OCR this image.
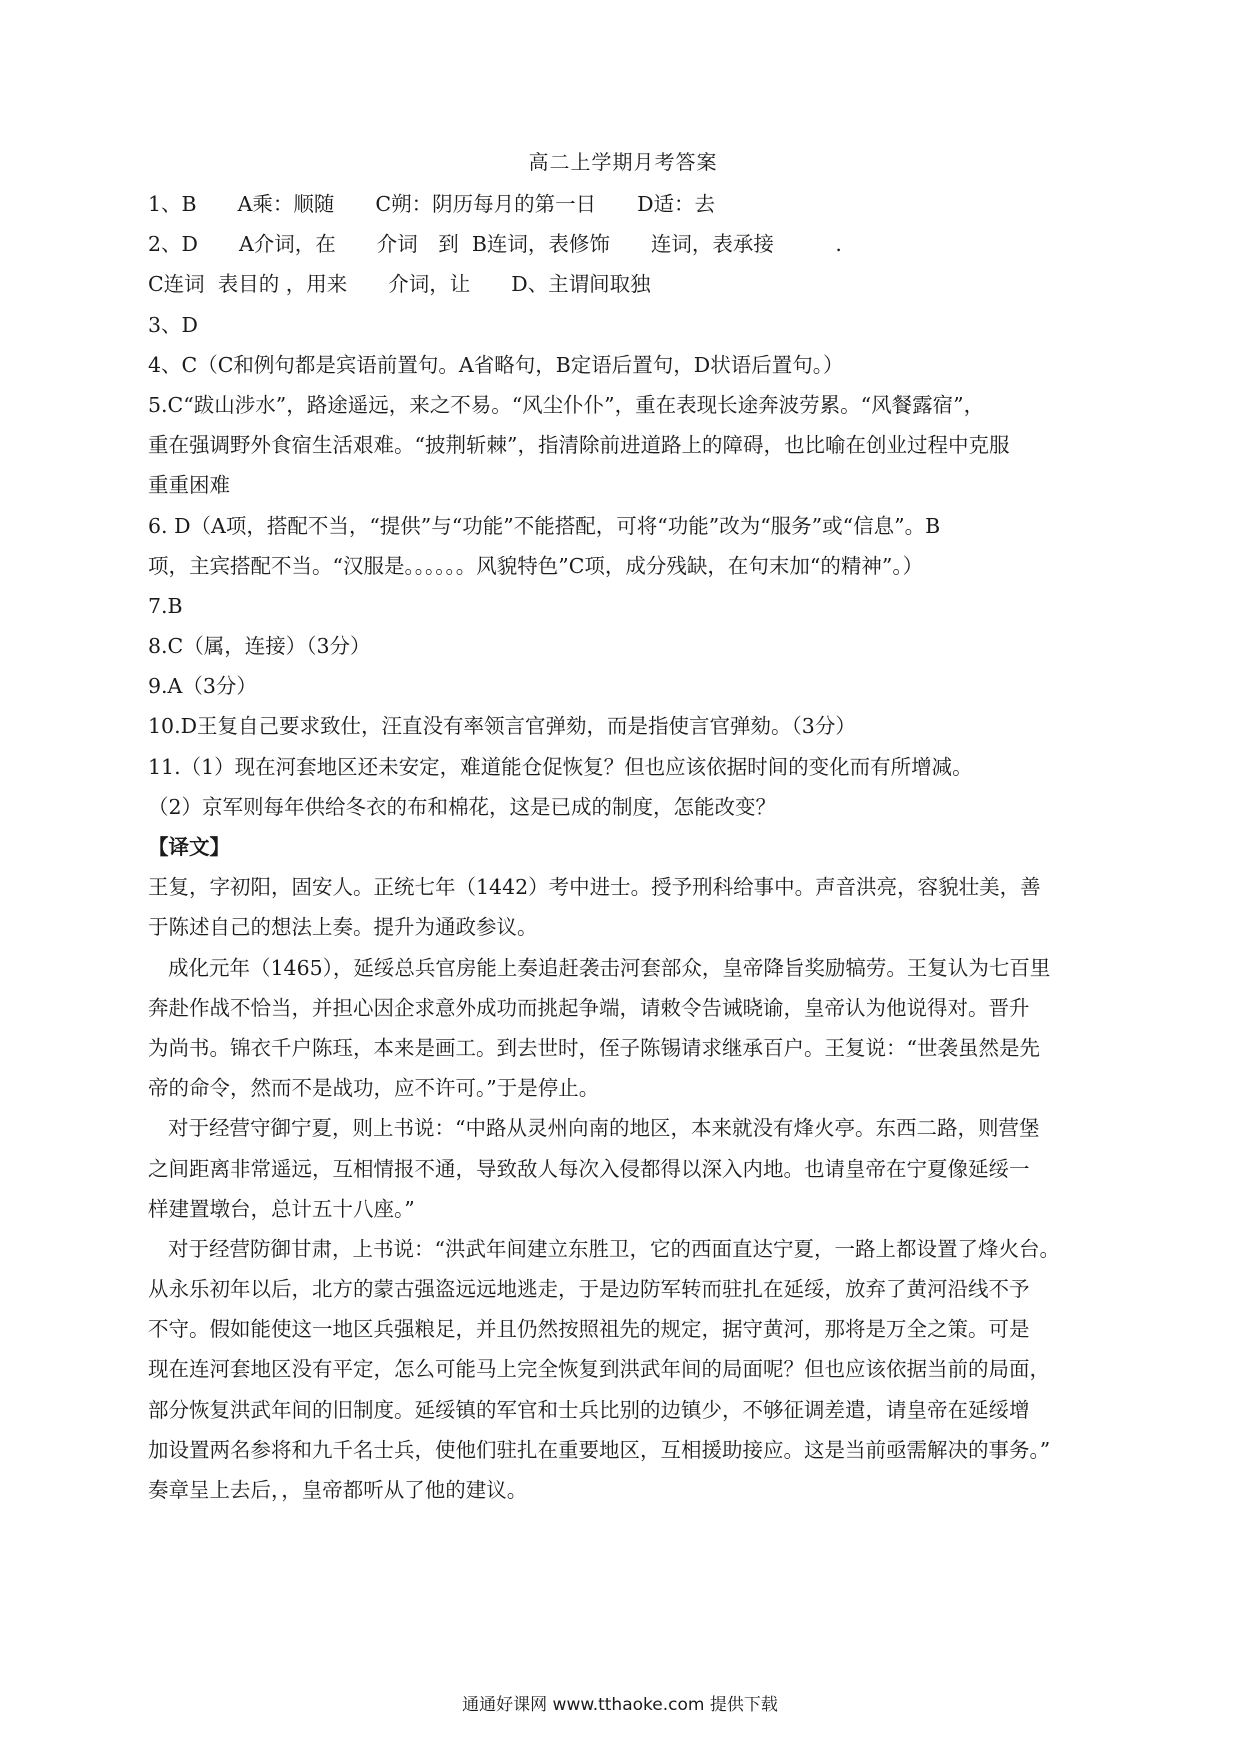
高二上学期月考答案
1、B　　A乘：顺随　　C朔：阴历每月的第一日　　D适：去
2、D　　A介词，在　　介词　到  B连词，表修饰　　连词，表承接　　　.
C连词  表目的 ，用来　　介词，让　　D、主谓间取独
3、D
4、C（C和例句都是宾语前置句。A省略句，B定语后置句，D状语后置句。）
5.C“跋山涉水”，路途遥远，来之不易。“风尘仆仆”，重在表现长途奔波劳累。“风餐露宿”，
重在强调野外食宿生活艰难。“披荆斩棘”，指清除前进道路上的障碍，也比喻在创业过程中克服
重重困难
6. D（A项，搭配不当，“提供”与“功能”不能搭配，可将“功能”改为“服务”或“信息”。B
项，主宾搭配不当。“汉服是。。。。。。风貌特色”C项，成分残缺，在句末加“的精神”。）
7.B
8.C（属，连接）（3分）
9.A（3分）
10.D王复自己要求致仕，汪直没有率领言官弹劾，而是指使言官弹劾。（3分）
11.（1）现在河套地区还未安定，难道能仓促恢复？但也应该依据时间的变化而有所增减。
（2）京军则每年供给冬衣的布和棉花，这是已成的制度，怎能改变？
【译文】
王复，字初阳，固安人。正统七年（1442）考中进士。授予刑科给事中。声音洪亮，容貌壮美，善
于陈述自己的想法上奏。提升为通政参议。
成化元年（1465），延绥总兵官房能上奏追赶袭击河套部众，皇帝降旨奖励犒劳。王复认为七百里
奔赴作战不恰当，并担心因企求意外成功而挑起争端，请敕令告诫晓谕，皇帝认为他说得对。晋升
为尚书。锦衣千户陈珏，本来是画工。到去世时，侄子陈锡请求继承百户。王复说：“世袭虽然是先
帝的命令，然而不是战功，应不许可。”于是停止。
对于经营守御宁夏，则上书说：“中路从灵州向南的地区，本来就没有烽火亭。东西二路，则营堡
之间距离非常遥远，互相情报不通，导致敌人每次入侵都得以深入内地。也请皇帝在宁夏像延绥一
样建置墩台，总计五十八座。”
对于经营防御甘肃，上书说：“洪武年间建立东胜卫，它的西面直达宁夏，一路上都设置了烽火台。
从永乐初年以后，北方的蒙古强盗远远地逃走，于是边防军转而驻扎在延绥，放弃了黄河沿线不予
不守。假如能使这一地区兵强粮足，并且仍然按照祖先的规定，据守黄河，那将是万全之策。可是
现在连河套地区没有平定，怎么可能马上完全恢复到洪武年间的局面呢？但也应该依据当前的局面，
部分恢复洪武年间的旧制度。延绥镇的军官和士兵比别的边镇少，不够征调差遣，请皇帝在延绥增
加设置两名参将和九千名士兵，使他们驻扎在重要地区，互相援助接应。这是当前亟需解决的事务。”
奏章呈上去后，，皇帝都听从了他的建议。
通通好课网 www.tthaoke.com 提供下载
